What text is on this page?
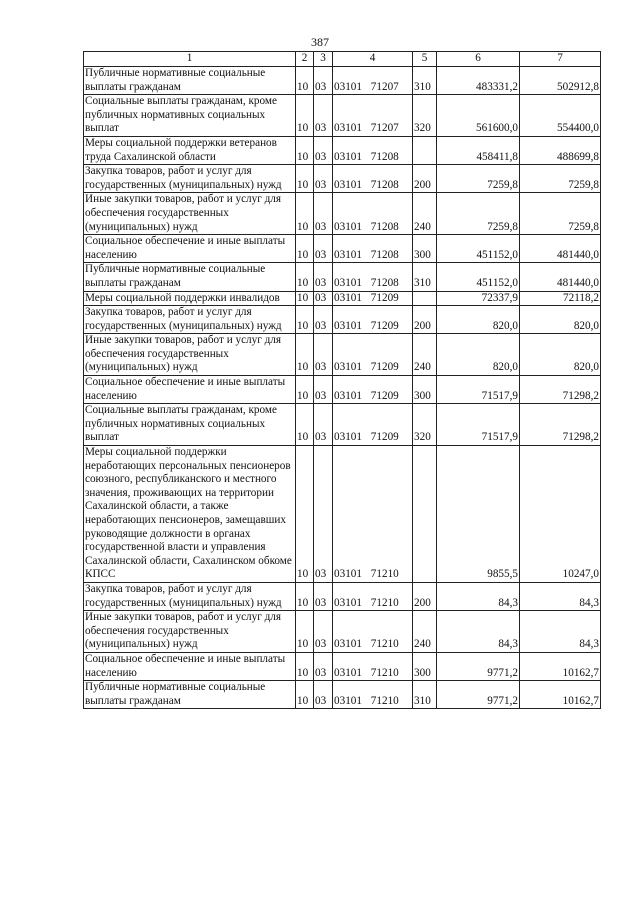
387
1	2	3	4	5	6	7
Публичные нормативные социальные выплаты гражданам	10	03	03101 71207	310	483331,2	502912,8
Социальные выплаты гражданам, кроме публичных нормативных социальных выплат	10	03	03101 71207	320	561600,0	554400,0
Меры социальной поддержки ветеранов труда Сахалинской области	10	03	03101 71208		458411,8	488699,8
Закупка товаров, работ и услуг для государственных (муниципальных) нужд	10	03	03101 71208	200	7259,8	7259,8
Иные закупки товаров, работ и услуг для обеспечения государственных (муниципальных) нужд	10	03	03101 71208	240	7259,8	7259,8
Социальное обеспечение и иные выплаты населению	10	03	03101 71208	300	451152,0	481440,0
Публичные нормативные социальные выплаты гражданам	10	03	03101 71208	310	451152,0	481440,0
Меры социальной поддержки инвалидов	10	03	03101 71209		72337,9	72118,2
Закупка товаров, работ и услуг для государственных (муниципальных) нужд	10	03	03101 71209	200	820,0	820,0
Иные закупки товаров, работ и услуг для обеспечения государственных (муниципальных) нужд	10	03	03101 71209	240	820,0	820,0
Социальное обеспечение и иные выплаты населению	10	03	03101 71209	300	71517,9	71298,2
Социальные выплаты гражданам, кроме публичных нормативных социальных выплат	10	03	03101 71209	320	71517,9	71298,2
Меры социальной поддержки неработающих персональных пенсионеров союзного, республиканского и местного значения, проживающих на территории Сахалинской области, а также неработающих пенсионеров, замещавших руководящие должности в органах государственной власти и управления Сахалинской области, Сахалинском обкоме КПСС	10	03	03101 71210		9855,5	10247,0
Закупка товаров, работ и услуг для государственных (муниципальных) нужд	10	03	03101 71210	200	84,3	84,3
Иные закупки товаров, работ и услуг для обеспечения государственных (муниципальных) нужд	10	03	03101 71210	240	84,3	84,3
Социальное обеспечение и иные выплаты населению	10	03	03101 71210	300	9771,2	10162,7
Публичные нормативные социальные выплаты гражданам	10	03	03101 71210	310	9771,2	10162,7
